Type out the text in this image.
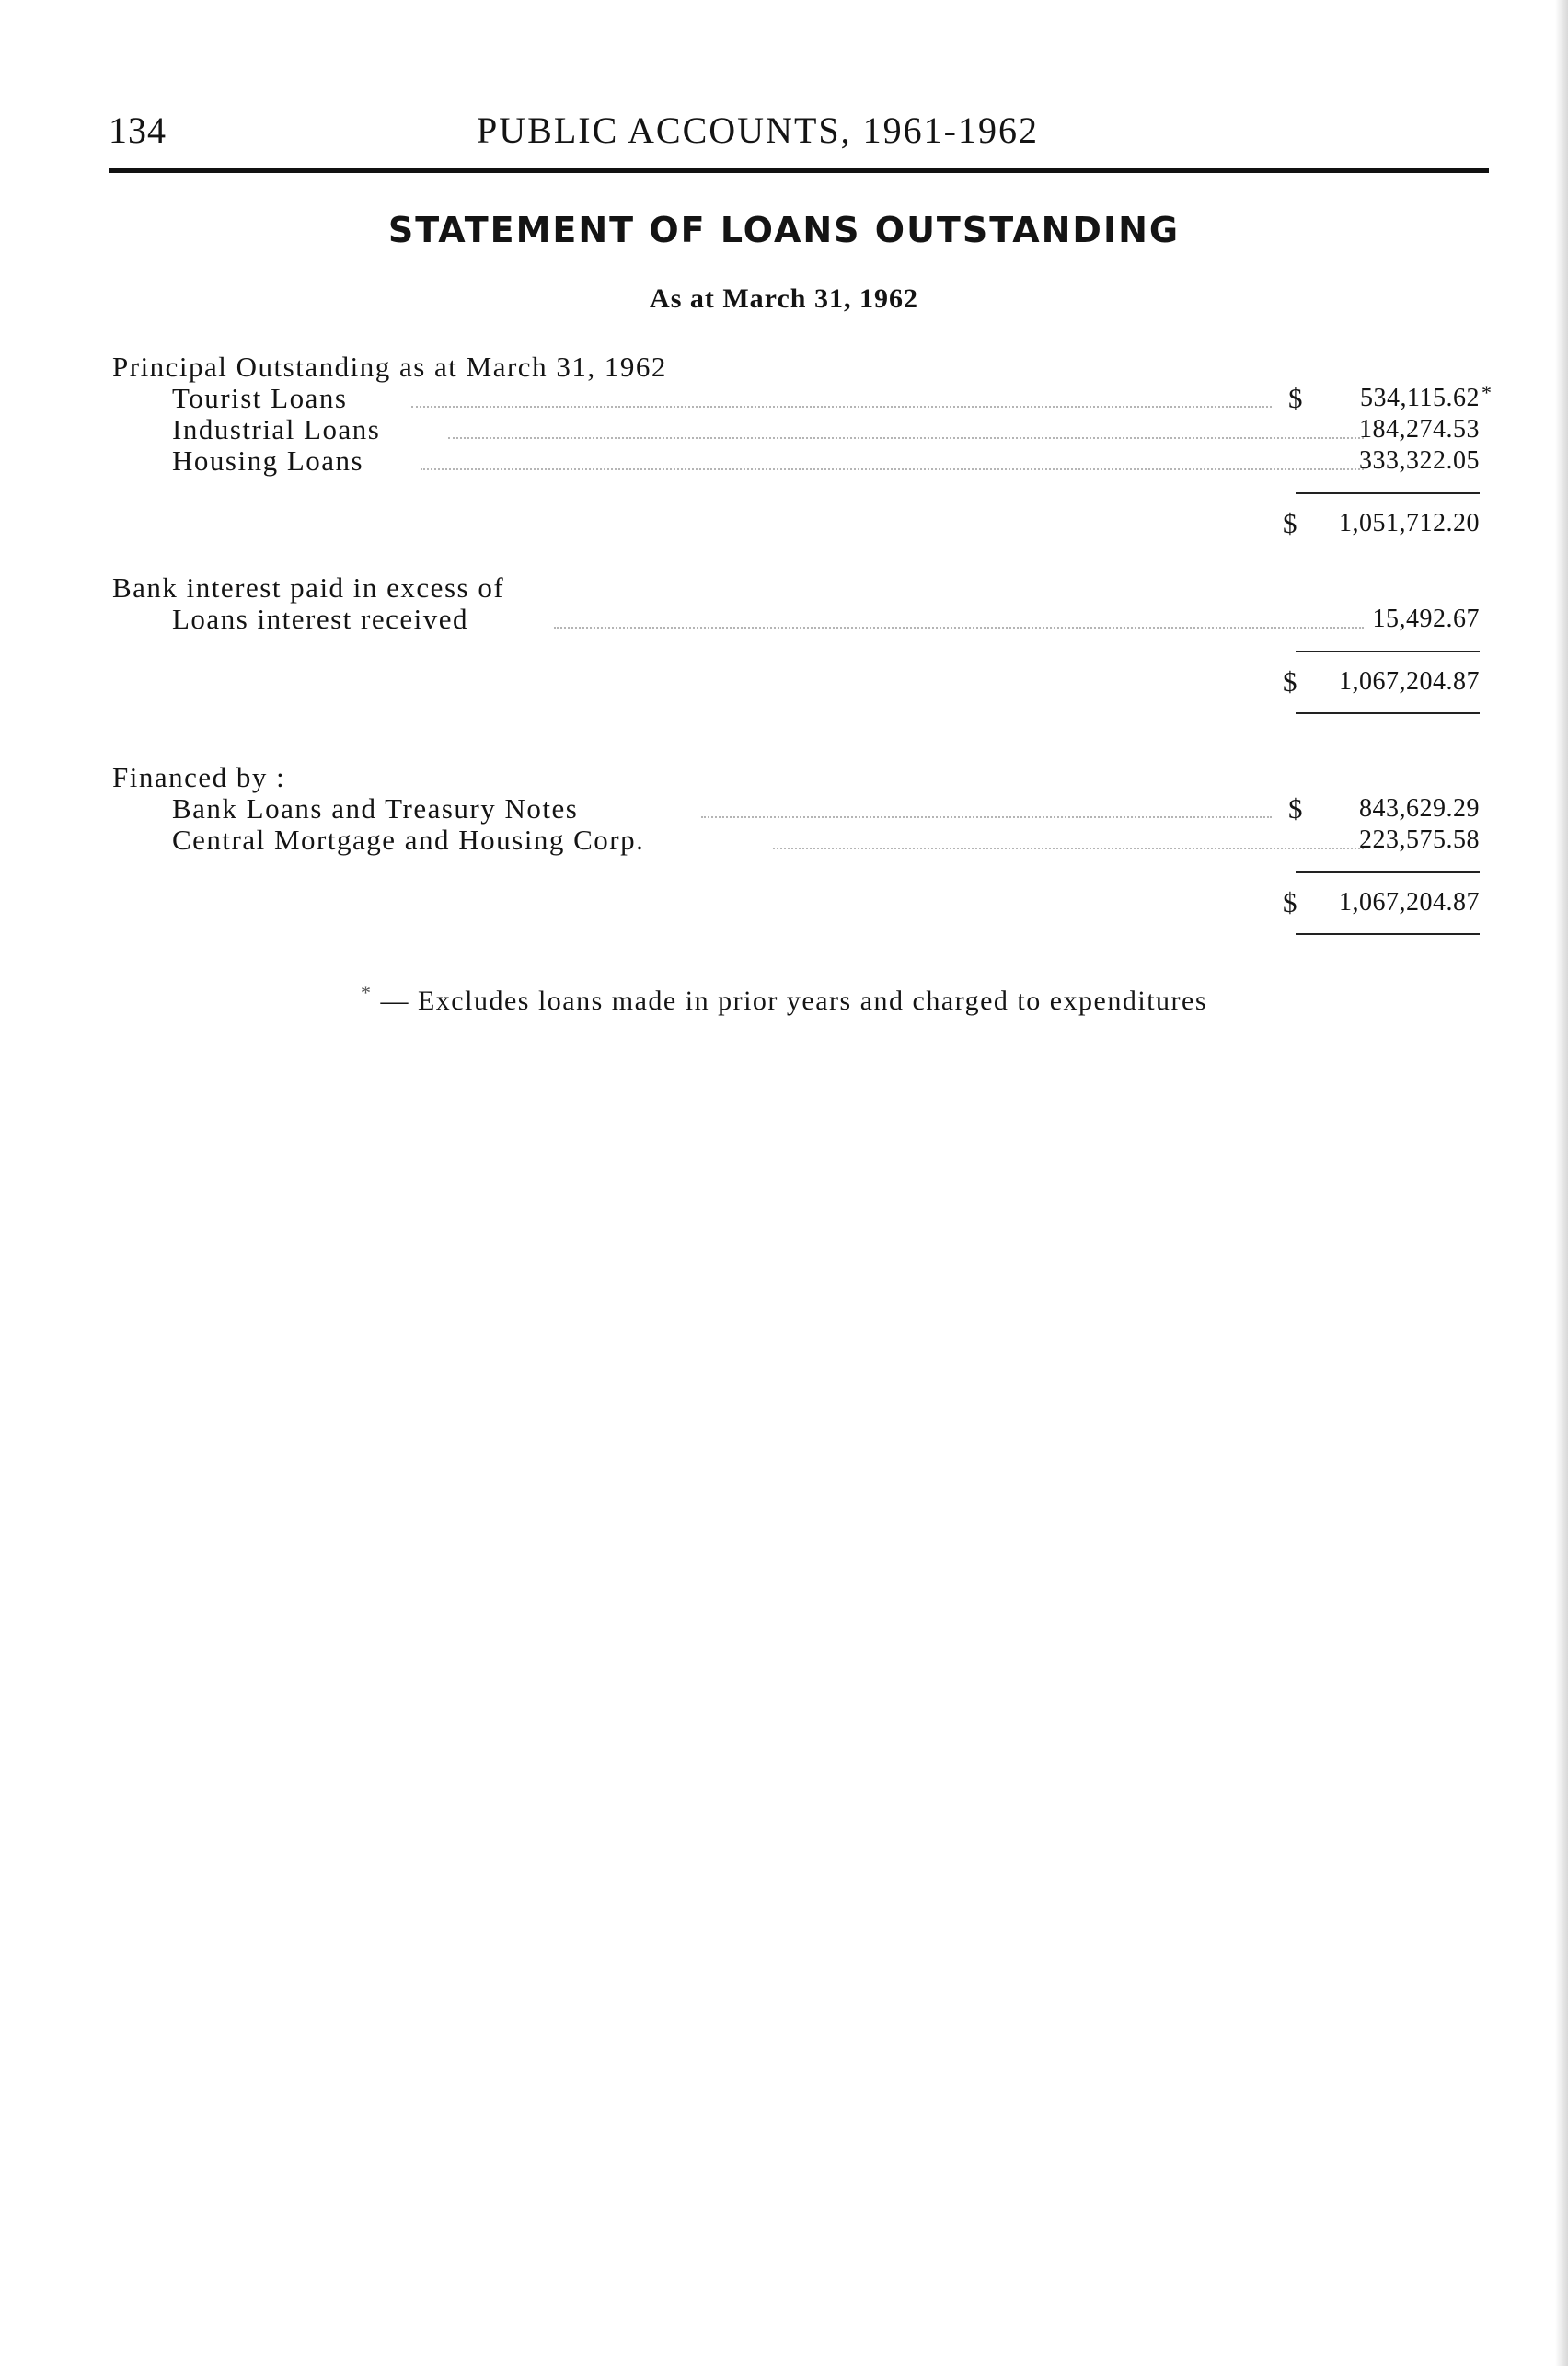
134	PUBLIC ACCOUNTS, 1961-1962
STATEMENT OF LOANS OUTSTANDING
As at March 31, 1962
Principal Outstanding as at March 31, 1962
Tourist Loans	$	534,115.62 *
Industrial Loans	184,274.53
Housing Loans	333,322.05
$	1,051,712.20
Bank interest paid in excess of
Loans interest received	15,492.67
$	1,067,204.87
Financed by :
Bank Loans and Treasury Notes	$	843,629.29
Central Mortgage and Housing Corp.	223,575.58
$	1,067,204.87
* — Excludes loans made in prior years and charged to expenditures
